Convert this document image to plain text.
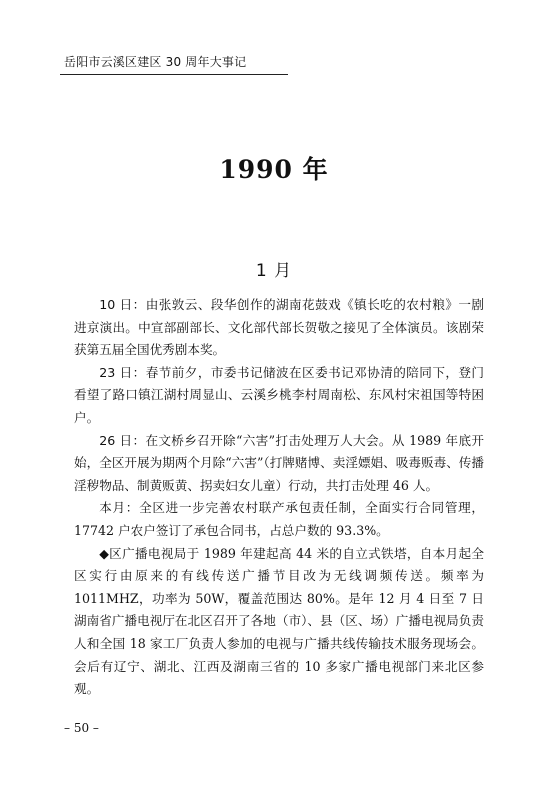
岳阳市云溪区建区 30 周年大事记
1990 年
1 月

10 日：由张敦云、段华创作的湖南花鼓戏《镇长吃的农村粮》一剧进京演出。中宣部副部长、文化部代部长贺敬之接见了全体演员。该剧荣获第五届全国优秀剧本奖。

23 日：春节前夕，市委书记储波在区委书记邓协清的陪同下，登门看望了路口镇江湖村周显山、云溪乡桃李村周南松、东风村宋祖国等特困户。

26 日：在文桥乡召开除“六害”打击处理万人大会。从 1989 年底开始，全区开展为期两个月除“六害”（打牌赌博、卖淫嫖娼、吸毒贩毒、传播淫秽物品、制黄贩黄、拐卖妇女儿童）行动，共打击处理 46 人。

本月：全区进一步完善农村联产承包责任制，全面实行合同管理，17742 户农户签订了承包合同书，占总户数的 93.3%。

◆区广播电视局于 1989 年建起高 44 米的自立式铁塔，自本月起全区实行由原来的有线传送广播节目改为无线调频传送。频率为 1011MHZ，功率为 50W，覆盖范围达 80%。是年 12 月 4 日至 7 日湖南省广播电视厅在北区召开了各地（市）、县（区、场）广播电视局负责人和全国 18 家工厂负责人参加的电视与广播共线传输技术服务现场会。会后有辽宁、湖北、江西及湖南三省的 10 多家广播电视部门来北区参观。

– 50 –
